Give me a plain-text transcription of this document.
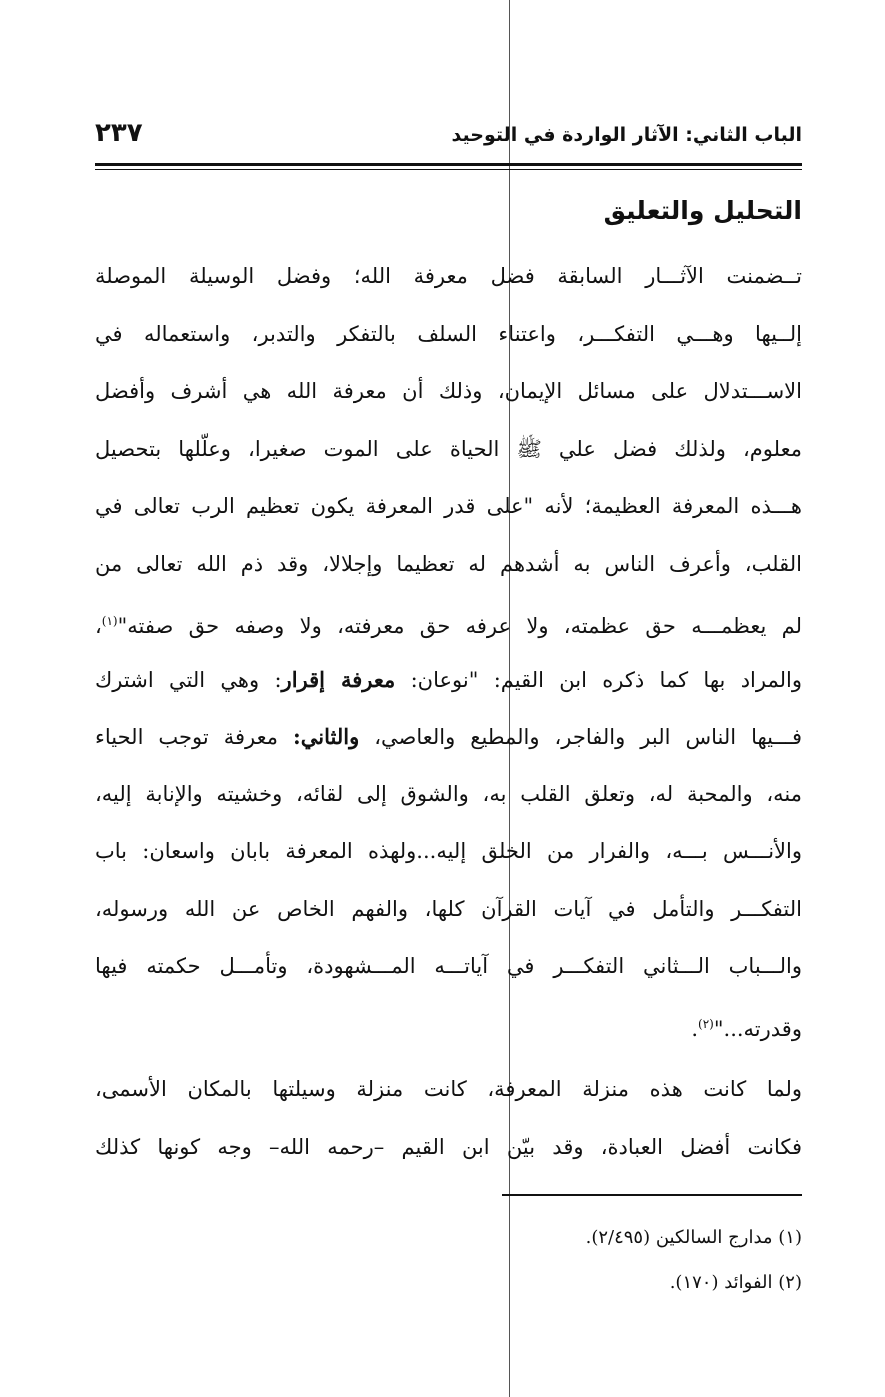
الباب الثاني: الآثار الواردة في التوحيد
٢٣٧
التحليل والتعليق
تــضمنت الآثـــار السابقة فضل معرفة الله؛ وفضل الوسيلة الموصلة
إلــيها وهـــي التفكـــر، واعتناء السلف بالتفكر والتدبر، واستعماله في
الاســـتدلال على مسائل الإيمان، وذلك أن معرفة الله هي أشرف وأفضل
معلوم، ولذلك فضل علي ﷺ الحياة على الموت صغيرا، وعلّلها بتحصيل
هـــذه المعرفة العظيمة؛ لأنه "على قدر المعرفة يكون تعظيم الرب تعالى في
القلب، وأعرف الناس به أشدهم له تعظيما وإجلالا، وقد ذم الله تعالى من
لم يعظمـــه حق عظمته، ولا عرفه حق معرفته، ولا وصفه حق صفته"$^{(١)}$،
والمراد بها كما ذكره ابن القيم: "نوعان: معرفة إقرار: وهي التي اشترك
فـــيها الناس البر والفاجر، والمطيع والعاصي، والثاني: معرفة توجب الحياء
منه، والمحبة له، وتعلق القلب به، والشوق إلى لقائه، وخشيته والإنابة إليه،
والأنـــس بـــه، والفرار من الخلق إليه...ولهذه المعرفة بابان واسعان: باب
التفكـــر والتأمل في آيات القرآن كلها، والفهم الخاص عن الله ورسوله،
والـــباب الـــثاني التفكـــر في آياتـــه المـــشهودة، وتأمـــل حكمته فيها
وقدرته..."$^{(٢)}$.
ولما كانت هذه منزلة المعرفة، كانت منزلة وسيلتها بالمكان الأسمى،
فكانت أفضل العبادة، وقد بيّن ابن القيم –رحمه الله– وجه كونها كذلك
(١) مدارج السالكين (٢/٤٩٥).
(٢) الفوائد (١٧٠).
